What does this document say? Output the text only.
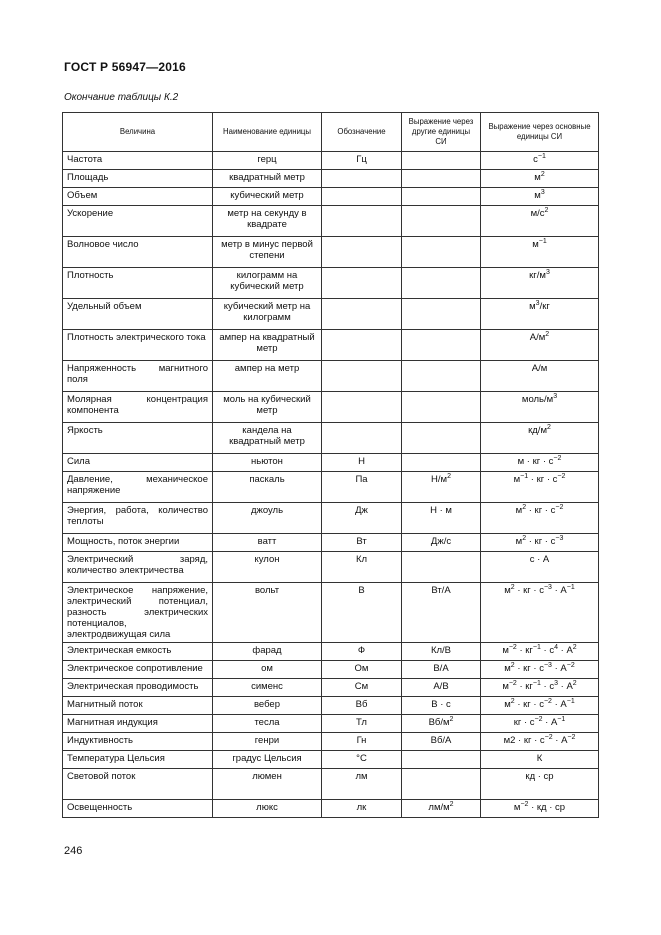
ГОСТ Р 56947—2016
Окончание таблицы К.2
Величина	Наименование единицы	Обозначение	Выражение через другие единицы СИ	Выражение через основные единицы СИ
Частота	герц	Гц		$с^{-1}$
Площадь	квадратный метр			$м^2$
Объем	кубический метр			$м^3$
Ускорение	метр на секунду в квадрате			$м/с^2$
Волновое число	метр в минус первой степени			$м^{-1}$
Плотность	килограмм на кубический метр			$кг/м^3$
Удельный объем	кубический метр на килограмм			$м^3/кг$
Плотность электрического тока	ампер на квадратный метр			$А/м^2$
Напряженность магнитного поля	ампер на метр			А/м
Молярная концентрация компонента	моль на кубический метр			моль/$м^3$
Яркость	кандела на квадратный метр			$кд/м^2$
Сила	ньютон	Н		м · кг · $с^{-2}$
Давление, механическое напряжение	паскаль	Па	$Н/м^2$	$м^{-1}$ · кг · $с^{-2}$
Энергия, работа, количество теплоты	джоуль	Дж	Н · м	$м^2$ · кг · $с^{-2}$
Мощность, поток энергии	ватт	Вт	Дж/с	$м^2$ · кг · $с^{-3}$
Электрический заряд, количество электричества	кулон	Кл		с · А
Электрическое напряжение, электрический потенциал, разность электрических потенциалов, электродвижущая сила	вольт	В	Вт/А	$м^2$ · кг · $с^{-3} \cdot А^{-1}$
Электрическая емкость	фарад	Ф	Кл/В	$м^{-2} \cdot кг^{-1} \cdot с^4 \cdot А^2$
Электрическое сопротивление	ом	Ом	В/А	$м^2$ · кг · $с^{-3} \cdot А^{-2}$
Электрическая проводимость	сименс	См	А/В	$м^{-2} \cdot кг^{-1} \cdot с^3 \cdot А^2$
Магнитный поток	вебер	Вб	В · с	$м^2$ · кг · $с^{-2} \cdot А^{-1}$
Магнитная индукция	тесла	Тл	$Вб/м^2$	кг · $с^{-2} \cdot А^{-1}$
Индуктивность	генри	Гн	Вб/А	м2 · кг · $с^{-2} \cdot А^{-2}$
Температура Цельсия	градус Цельсия	°С		К
Световой поток	люмен	лм		кд · ср
Освещенность	люкс	лк	$лм/м^2$	$м^{-2}$ · кд · ср
246
